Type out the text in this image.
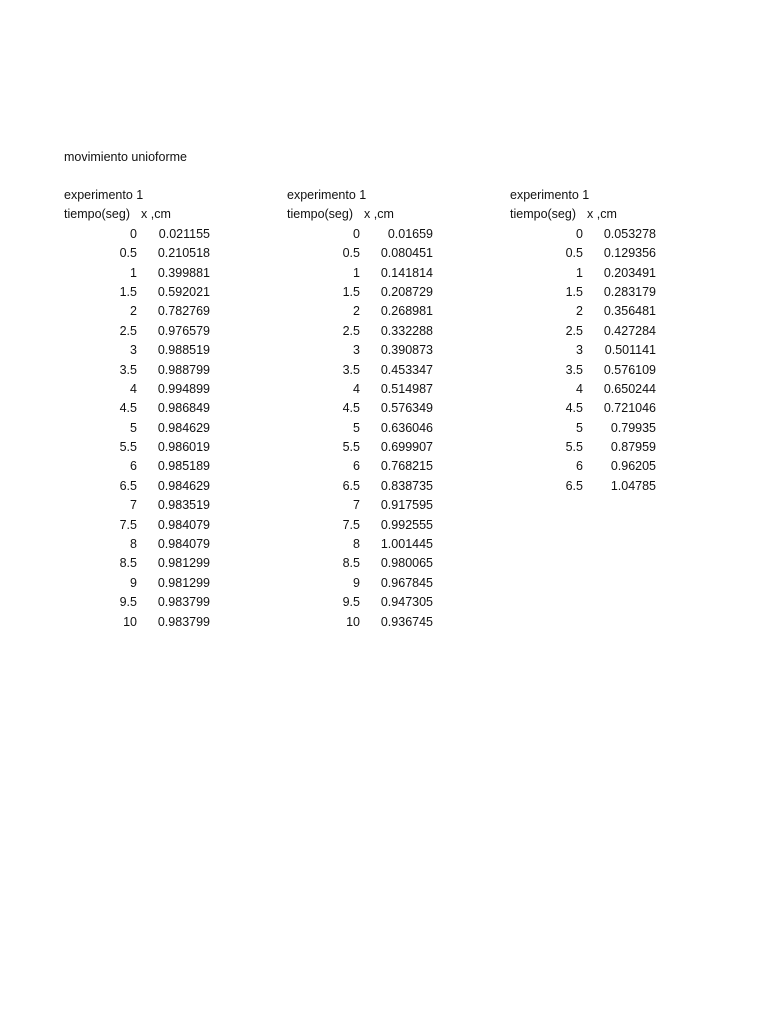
movimiento unioforme
experimento 1
tiempo(seg) x ,cm
0	0.021155
0.5	0.210518
1	0.399881
1.5	0.592021
2	0.782769
2.5	0.976579
3	0.988519
3.5	0.988799
4	0.994899
4.5	0.986849
5	0.984629
5.5	0.986019
6	0.985189
6.5	0.984629
7	0.983519
7.5	0.984079
8	0.984079
8.5	0.981299
9	0.981299
9.5	0.983799
10	0.983799
experimento 1
tiempo(seg) x ,cm
0	0.01659
0.5	0.080451
1	0.141814
1.5	0.208729
2	0.268981
2.5	0.332288
3	0.390873
3.5	0.453347
4	0.514987
4.5	0.576349
5	0.636046
5.5	0.699907
6	0.768215
6.5	0.838735
7	0.917595
7.5	0.992555
8	1.001445
8.5	0.980065
9	0.967845
9.5	0.947305
10	0.936745
experimento 1
tiempo(seg) x ,cm
0	0.053278
0.5	0.129356
1	0.203491
1.5	0.283179
2	0.356481
2.5	0.427284
3	0.501141
3.5	0.576109
4	0.650244
4.5	0.721046
5	0.79935
5.5	0.87959
6	0.96205
6.5	1.04785
